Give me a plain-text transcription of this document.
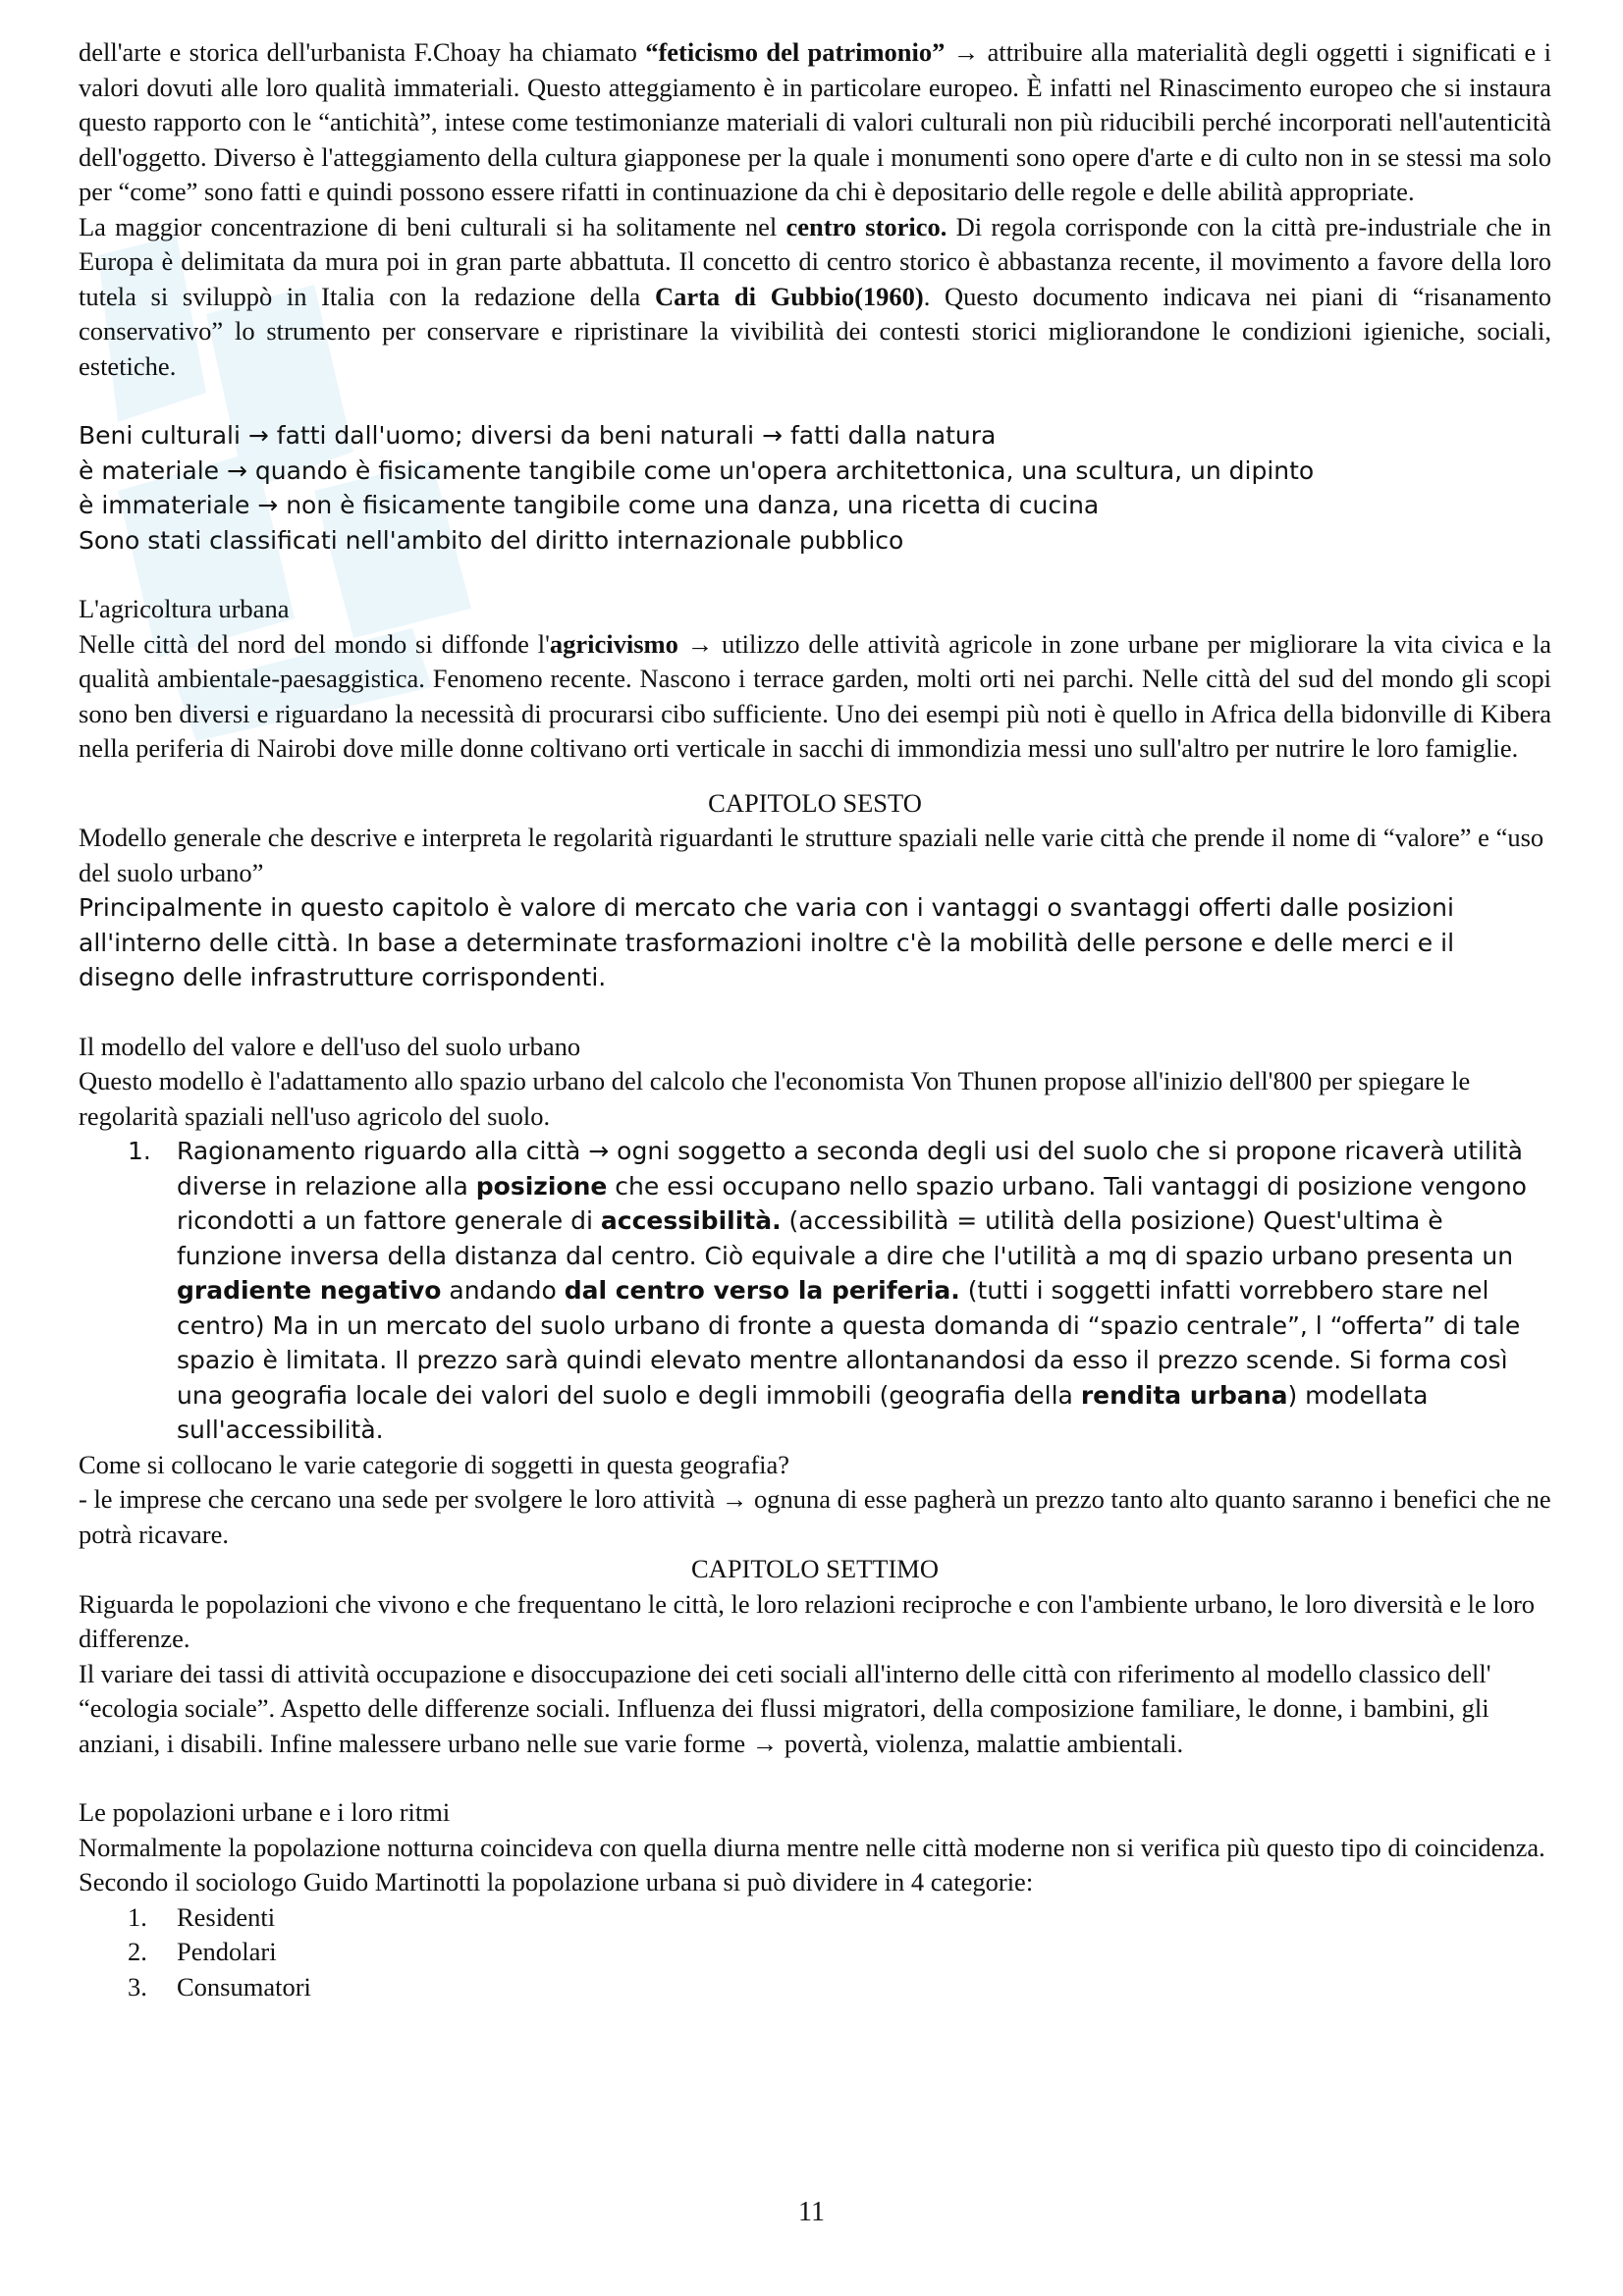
dell'arte e storica dell'urbanista F.Choay ha chiamato “feticismo del patrimonio” → attribuire alla materialità degli oggetti i significati e i valori dovuti alle loro qualità immateriali. Questo atteggiamento è in particolare europeo. È infatti nel Rinascimento europeo che si instaura questo rapporto con le “antichità”, intese come testimonianze materiali di valori culturali non più riducibili perché incorporati nell'autenticità dell'oggetto. Diverso è l'atteggiamento della cultura giapponese per la quale i monumenti sono opere d'arte e di culto non in se stessi ma solo per “come” sono fatti e quindi possono essere rifatti in continuazione da chi è depositario delle regole e delle abilità appropriate.

La maggior concentrazione di beni culturali si ha solitamente nel centro storico. Di regola corrisponde con la città pre-industriale che in Europa è delimitata da mura poi in gran parte abbattuta. Il concetto di centro storico è abbastanza recente, il movimento a favore della loro tutela si sviluppò in Italia con la redazione della Carta di Gubbio(1960). Questo documento indicava nei piani di “risanamento conservativo” lo strumento per conservare e ripristinare la vivibilità dei contesti storici migliorandone le condizioni igieniche, sociali, estetiche.

Beni culturali → fatti dall'uomo; diversi da beni naturali → fatti dalla natura

è materiale → quando è fisicamente tangibile come un'opera architettonica, una scultura, un dipinto

è immateriale → non è fisicamente tangibile come una danza, una ricetta di cucina

Sono stati classificati nell'ambito del diritto internazionale pubblico

L'agricoltura urbana

Nelle città del nord del mondo si diffonde l'agricivismo → utilizzo delle attività agricole in zone urbane per migliorare la vita civica e la qualità ambientale-paesaggistica. Fenomeno recente. Nascono i terrace garden, molti orti nei parchi. Nelle città del sud del mondo gli scopi sono ben diversi e riguardano la necessità di procurarsi cibo sufficiente. Uno dei esempi più noti è quello in Africa della bidonville di Kibera nella periferia di Nairobi dove mille donne coltivano orti verticale in sacchi di immondizia messi uno sull'altro per nutrire le loro famiglie.

CAPITOLO SESTO

Modello generale che descrive e interpreta le regolarità riguardanti le strutture spaziali nelle varie città che prende il nome di “valore” e “uso del suolo urbano”

Principalmente in questo capitolo è valore di mercato che varia con i vantaggi o svantaggi offerti dalle posizioni all'interno delle città. In base a determinate trasformazioni inoltre c'è la mobilità delle persone e delle merci e il disegno delle infrastrutture corrispondenti.

Il modello del valore e dell'uso del suolo urbano

Questo modello è l'adattamento allo spazio urbano del calcolo che l'economista Von Thunen propose all'inizio dell'800 per spiegare le regolarità spaziali nell'uso agricolo del suolo.

1. Ragionamento riguardo alla città → ogni soggetto a seconda degli usi del suolo che si propone ricaverà utilità diverse in relazione alla posizione che essi occupano nello spazio urbano. Tali vantaggi di posizione vengono ricondotti a un fattore generale di accessibilità. (accessibilità = utilità della posizione) Quest'ultima è funzione inversa della distanza dal centro. Ciò equivale a dire che l'utilità a mq di spazio urbano presenta un gradiente negativo andando dal centro verso la periferia. (tutti i soggetti infatti vorrebbero stare nel centro) Ma in un mercato del suolo urbano di fronte a questa domanda di “spazio centrale”, l “offerta” di tale spazio è limitata. Il prezzo sarà quindi elevato mentre allontanandosi da esso il prezzo scende. Si forma così una geografia locale dei valori del suolo e degli immobili (geografia della rendita urbana) modellata sull'accessibilità.

Come si collocano le varie categorie di soggetti in questa geografia?

- le imprese che cercano una sede per svolgere le loro attività → ognuna di esse pagherà un prezzo tanto alto quanto saranno i benefici che ne potrà ricavare.

CAPITOLO SETTIMO

Riguarda le popolazioni che vivono e che frequentano le città, le loro relazioni reciproche e con l'ambiente urbano, le loro diversità e le loro differenze.

Il variare dei tassi di attività occupazione e disoccupazione dei ceti sociali all'interno delle città con riferimento al modello classico dell' “ecologia sociale”. Aspetto delle differenze sociali. Influenza dei flussi migratori, della composizione familiare, le donne, i bambini, gli anziani, i disabili. Infine malessere urbano nelle sue varie forme → povertà, violenza, malattie ambientali.

Le popolazioni urbane e i loro ritmi

Normalmente la popolazione notturna coincideva con quella diurna mentre nelle città moderne non si verifica più questo tipo di coincidenza. Secondo il sociologo Guido Martinotti la popolazione urbana si può dividere in 4 categorie:

1. Residenti
2. Pendolari
3. Consumatori
11
